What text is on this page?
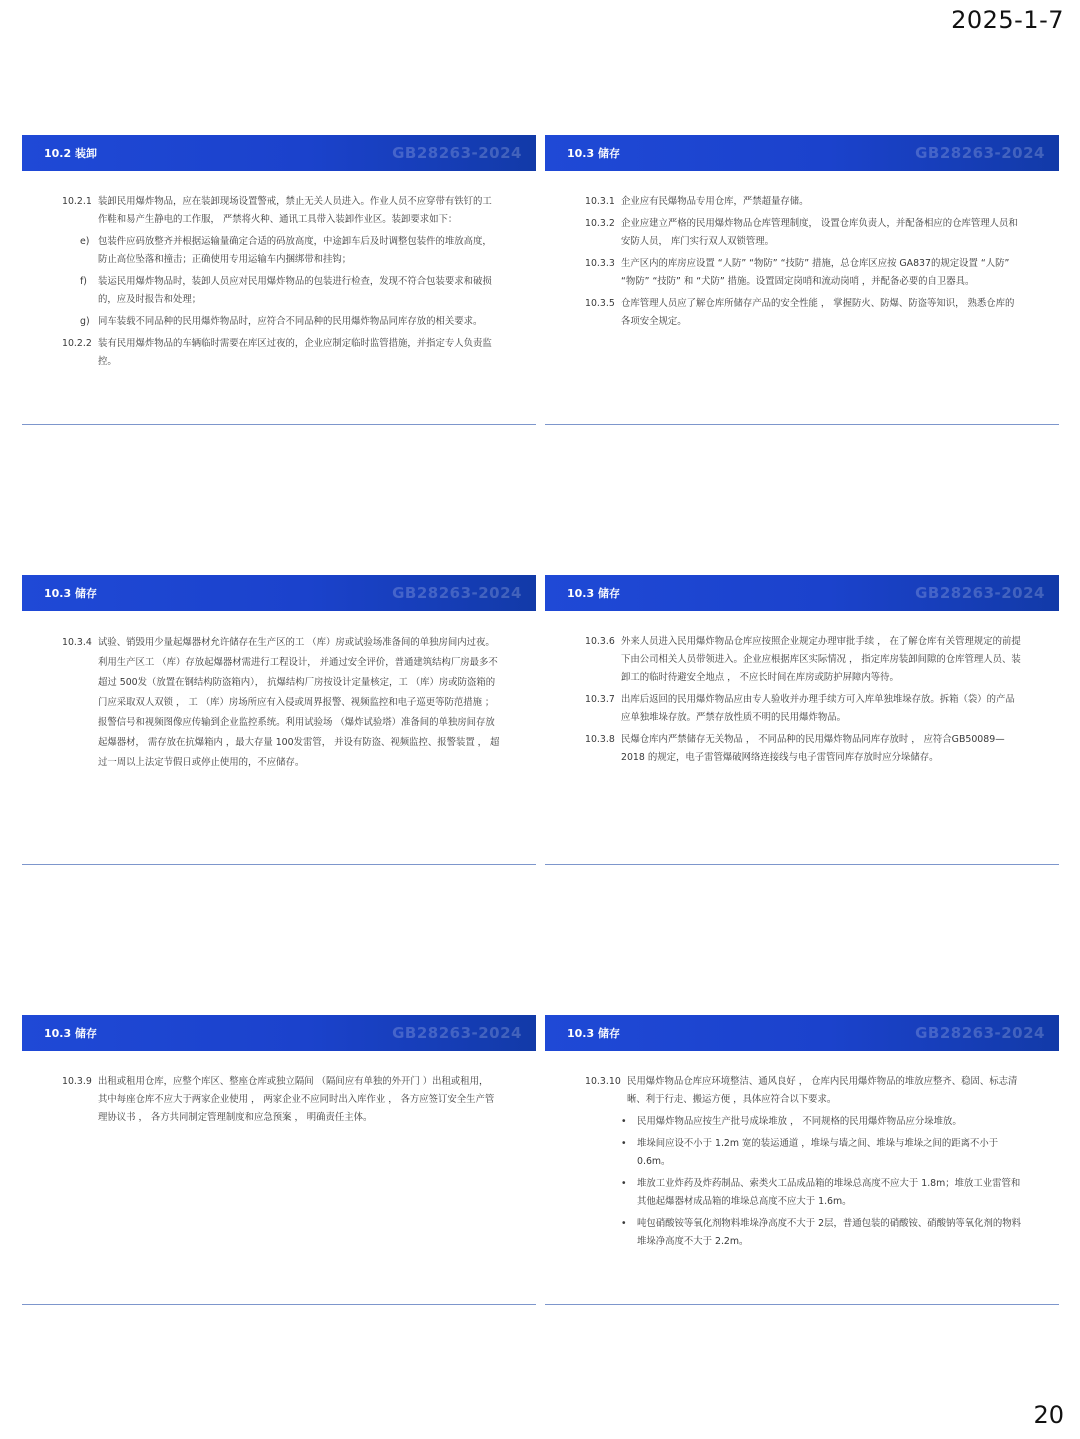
2025-1-7
10.2 装卸	GB28263-2024
10.2.1 装卸民用爆炸物品，应在装卸现场设置警戒，禁止无关人员进入。作业人员不应穿带有铁钉的工作鞋和易产生静电的工作服， 严禁将火种、通讯工具带入装卸作业区。装卸要求如下：
e) 包装件应码放整齐并根据运输量确定合适的码放高度，中途卸车后及时调整包装件的堆放高度，防止高位坠落和撞击；正确使用专用运输车内捆绑带和挂钩；
f) 装运民用爆炸物品时，装卸人员应对民用爆炸物品的包装进行检查，发现不符合包装要求和破损的，应及时报告和处理；
g) 同车装载不同品种的民用爆炸物品时，应符合不同品种的民用爆炸物品同库存放的相关要求。
10.2.2 装有民用爆炸物品的车辆临时需要在库区过夜的，企业应制定临时监管措施，并指定专人负责监控。
10.3 储存	GB28263-2024
10.3.1 企业应有民爆物品专用仓库，严禁超量存储。
10.3.2 企业应建立严格的民用爆炸物品仓库管理制度， 设置仓库负责人，并配备相应的仓库管理人员和安防人员， 库门实行双人双锁管理。
10.3.3 生产区内的库房应设置 “人防” “物防” “技防” 措施，总仓库区应按 GA837的规定设置 “人防” “物防” “技防” 和 “犬防” 措施。设置固定岗哨和流动岗哨 ，并配备必要的自卫器具。
10.3.5 仓库管理人员应了解仓库所储存产品的安全性能 ， 掌握防火、防爆、防盗等知识， 熟悉仓库的各项安全规定。
10.3 储存	GB28263-2024
10.3.4 试验、销毁用少量起爆器材允许储存在生产区的工 （库）房或试验场准备间的单独房间内过夜。利用生产区工 （库）存放起爆器材需进行工程设计， 并通过安全评价，普通建筑结构厂房最多不超过 500发（放置在钢结构防盗箱内）， 抗爆结构厂房按设计定量核定，工 （库）房或防盗箱的门应采取双人双锁 ， 工 （库）房场所应有入侵或周界报警、视频监控和电子巡更等防范措施 ；报警信号和视频图像应传输到企业监控系统。利用试验场 （爆炸试验塔）准备间的单独房间存放起爆器材， 需存放在抗爆箱内 ，最大存量 100发雷管， 并设有防盗、视频监控、报警装置 ， 超过一周以上法定节假日或停止使用的，不应储存。
10.3 储存	GB28263-2024
10.3.6 外来人员进入民用爆炸物品仓库应按照企业规定办理审批手续 ， 在了解仓库有关管理规定的前提下由公司相关人员带领进入。企业应根据库区实际情况 ， 指定库房装卸间隙的仓库管理人员、装卸工的临时待避安全地点 ， 不应长时间在库房或防护屏障内等待。
10.3.7 出库后返回的民用爆炸物品应由专人验收并办理手续方可入库单独堆垛存放。拆箱（袋）的产品应单独堆垛存放。严禁存放性质不明的民用爆炸物品。
10.3.8 民爆仓库内严禁储存无关物品 ， 不同品种的民用爆炸物品同库存放时 ， 应符合GB50089—2018 的规定，电子雷管爆破网络连接线与电子雷管同库存放时应分垛储存。
10.3 储存	GB28263-2024
10.3.9 出租或租用仓库，应整个库区、整座仓库或独立隔间 （隔间应有单独的外开门 ）出租或租用， 其中每座仓库不应大于两家企业使用 ， 两家企业不应同时出入库作业 ， 各方应签订安全生产管理协议书 ， 各方共同制定管理制度和应急预案 ， 明确责任主体。
10.3 储存	GB28263-2024
10.3.10 民用爆炸物品仓库应环境整洁、通风良好 ， 仓库内民用爆炸物品的堆放应整齐、稳固、标志清晰、利于行走、搬运方便 ，具体应符合以下要求。
• 民用爆炸物品应按生产批号成垛堆放 ， 不同规格的民用爆炸物品应分垛堆放。
• 堆垛间应设不小于 1.2m 宽的装运通道 ，堆垛与墙之间、堆垛与堆垛之间的距离不小于0.6m。
• 堆放工业炸药及炸药制品、索类火工品成品箱的堆垛总高度不应大于 1.8m；堆放工业雷管和其他起爆器材成品箱的堆垛总高度不应大于 1.6m。
• 吨包硝酸铵等氧化剂物料堆垛净高度不大于 2层，普通包装的硝酸铵、硝酸钠等氧化剂的物料堆垛净高度不大于 2.2m。
20
